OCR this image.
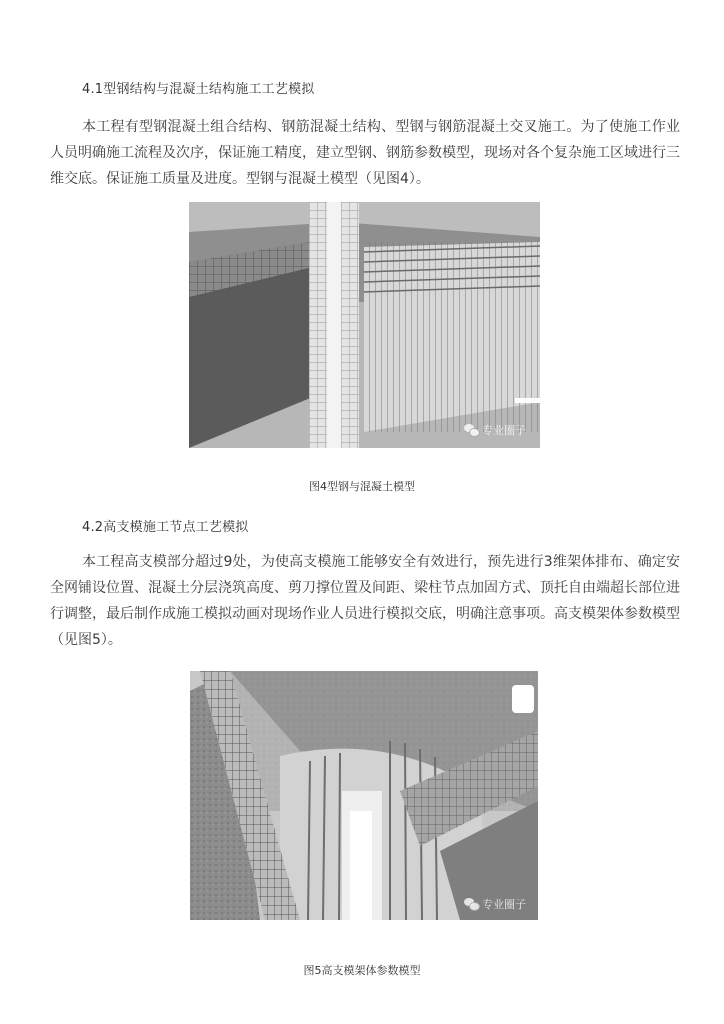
4.1型钢结构与混凝土结构施工工艺模拟

本工程有型钢混凝土组合结构、钢筋混凝土结构、型钢与钢筋混凝土交叉施工。为了使施工作业人员明确施工流程及次序，保证施工精度，建立型钢、钢筋参数模型，现场对各个复杂施工区域进行三维交底。保证施工质量及进度。型钢与混凝土模型（见图4）。

专业圈子
图4型钢与混凝土模型
4.2高支模施工节点工艺模拟

本工程高支模部分超过9处，为使高支模施工能够安全有效进行，预先进行3维架体排布、确定安全网铺设位置、混凝土分层浇筑高度、剪刀撑位置及间距、梁柱节点加固方式、顶托自由端超长部位进行调整，最后制作成施工模拟动画对现场作业人员进行模拟交底，明确注意事项。高支模架体参数模型（见图5）。

专业圈子
图5高支模架体参数模型
